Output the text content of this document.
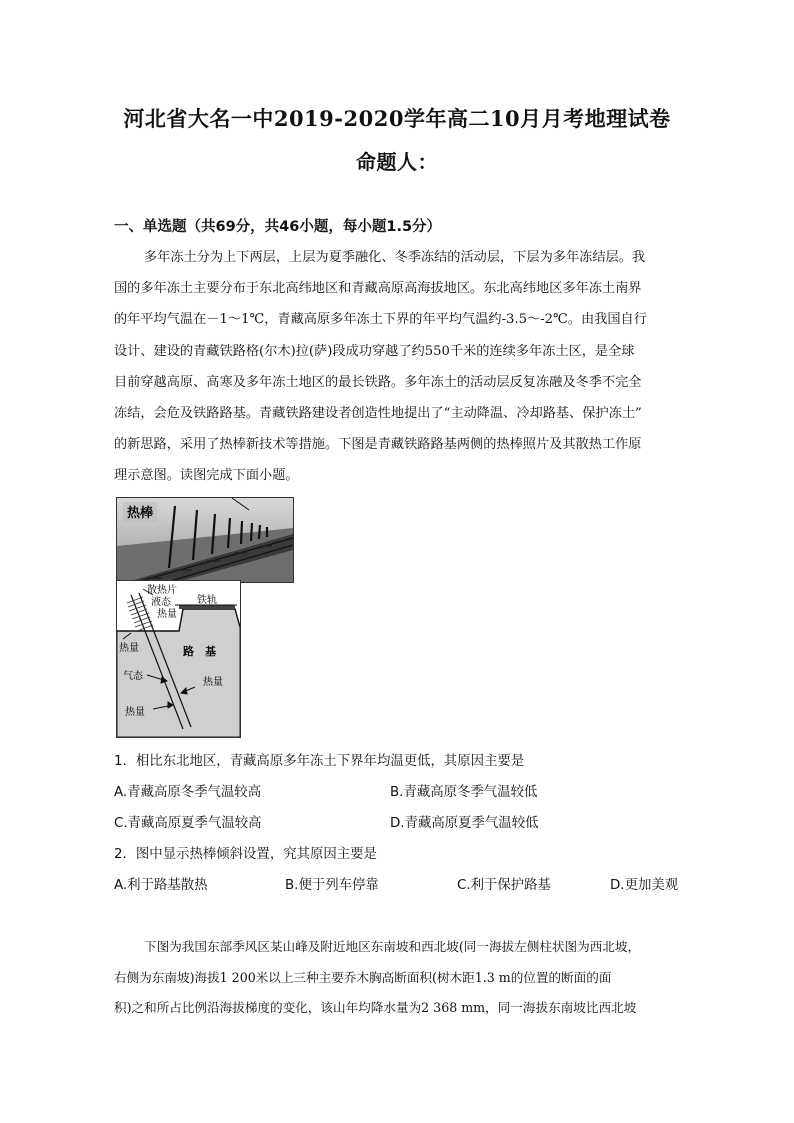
河北省大名一中2019-2020学年高二10月月考地理试卷
命题人：
一、单选题（共69分，共46小题，每小题1.5分）
多年冻土分为上下两层，上层为夏季融化、冬季冻结的活动层，下层为多年冻结层。我
国的多年冻土主要分布于东北高纬地区和青藏高原高海拔地区。东北高纬地区多年冻土南界
的年平均气温在－1～1℃，青藏高原多年冻土下界的年平均气温约-3.5～-2℃。由我国自行
设计、建设的青藏铁路格(尔木)拉(萨)段成功穿越了约550千米的连续多年冻土区，是全球
目前穿越高原、高寒及多年冻土地区的最长铁路。多年冻土的活动层反复冻融及冬季不完全
冻结，会危及铁路路基。青藏铁路建设者创造性地提出了“主动降温、冷却路基、保护冻土”
的新思路，采用了热棒新技术等措施。下图是青藏铁路路基两侧的热棒照片及其散热工作原
理示意图。读图完成下面小题。
热棒
散热片
液态
热量
铁轨
热量	路　基
气态
热量
热量
1．相比东北地区，青藏高原多年冻土下界年均温更低，其原因主要是
A.青藏高原冬季气温较高	B.青藏高原冬季气温较低
C.青藏高原夏季气温较高	D.青藏高原夏季气温较低
2．图中显示热棒倾斜设置，究其原因主要是
A.利于路基散热	B.便于列车停靠	C.利于保护路基	D.更加美观
下图为我国东部季风区某山峰及附近地区东南坡和西北坡(同一海拔左侧柱状图为西北坡，
右侧为东南坡)海拔1 200米以上三种主要乔木胸高断面积(树木距1.3 m的位置的断面的面
积)之和所占比例沿海拔梯度的变化，该山年均降水量为2 368 mm，同一海拔东南坡比西北坡
